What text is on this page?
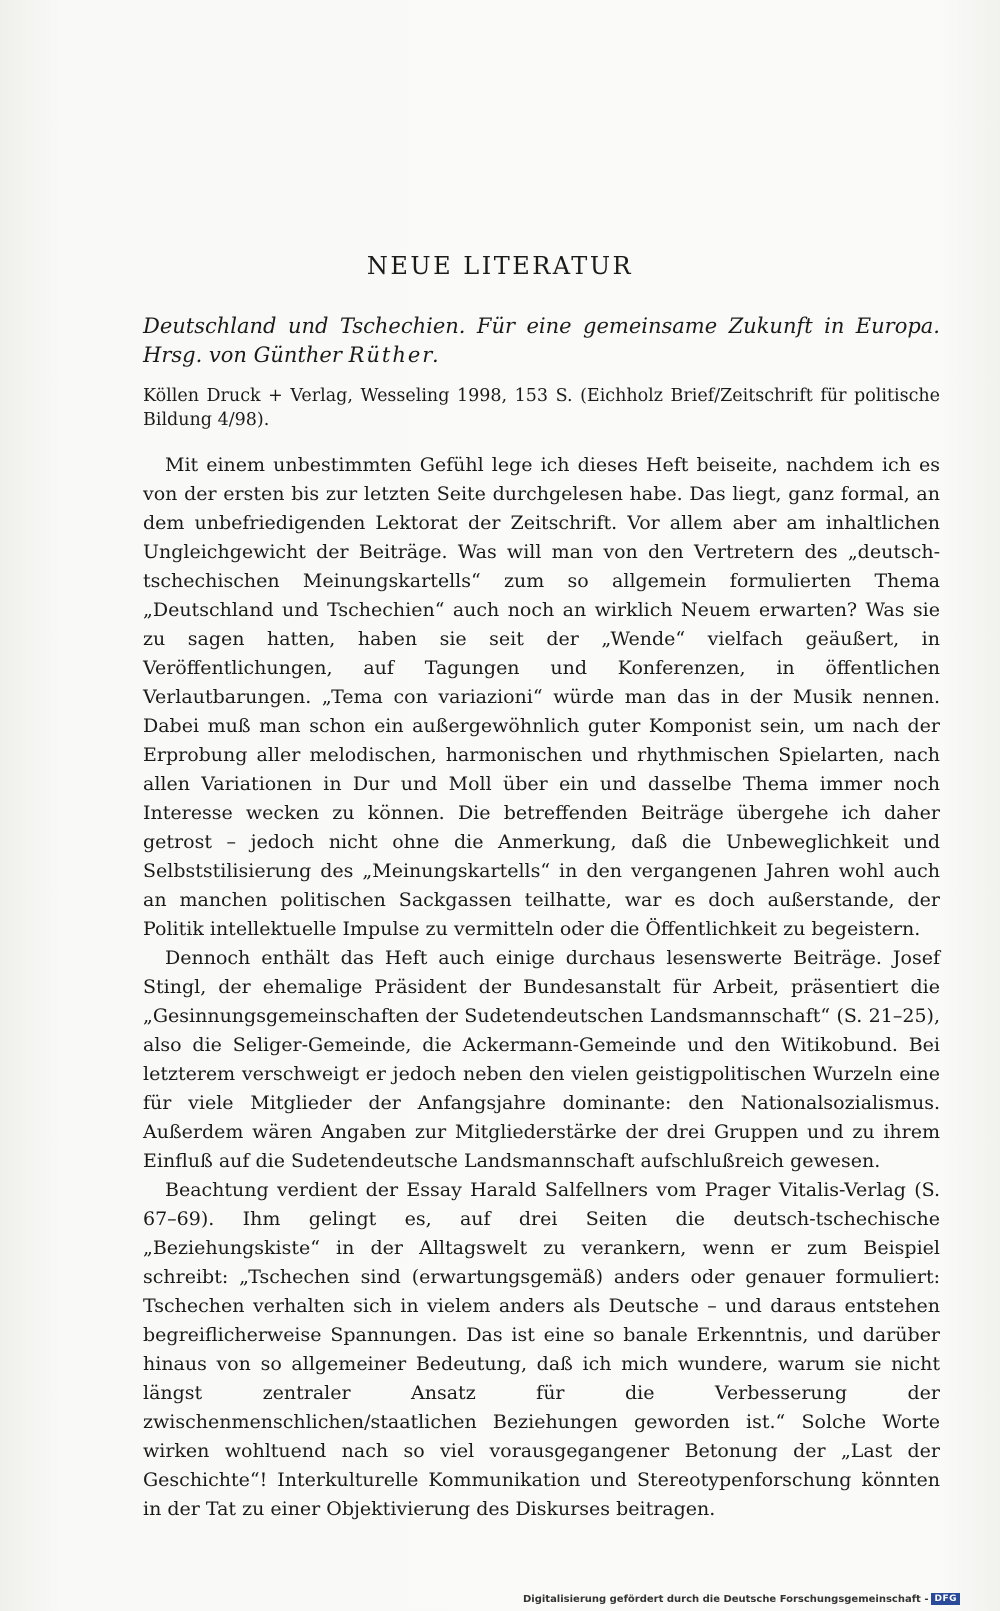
NEUE LITERATUR
Deutschland und Tschechien. Für eine gemeinsame Zukunft in Europa. Hrsg. von Günther Rüther.
Köllen Druck + Verlag, Wesseling 1998, 153 S. (Eichholz Brief/Zeitschrift für politische Bildung 4/98).

Mit einem unbestimmten Gefühl lege ich dieses Heft beiseite, nachdem ich es von der ersten bis zur letzten Seite durchgelesen habe. Das liegt, ganz formal, an dem unbefriedigenden Lektorat der Zeitschrift. Vor allem aber am inhaltlichen Ungleichgewicht der Beiträge. Was will man von den Vertretern des „deutsch-tschechischen Meinungskartells“ zum so allgemein formulierten Thema „Deutschland und Tschechien“ auch noch an wirklich Neuem erwarten? Was sie zu sagen hatten, haben sie seit der „Wende“ vielfach geäußert, in Veröffentlichungen, auf Tagungen und Konferenzen, in öffentlichen Verlautbarungen. „Tema con variazioni“ würde man das in der Musik nennen. Dabei muß man schon ein außergewöhnlich guter Komponist sein, um nach der Erprobung aller melodischen, harmonischen und rhythmischen Spielarten, nach allen Variationen in Dur und Moll über ein und dasselbe Thema immer noch Interesse wecken zu können. Die betreffenden Beiträge übergehe ich daher getrost – jedoch nicht ohne die Anmerkung, daß die Unbeweglichkeit und Selbststilisierung des „Meinungskartells“ in den vergangenen Jahren wohl auch an manchen politischen Sackgassen teilhatte, war es doch außerstande, der Politik intellektuelle Impulse zu vermitteln oder die Öffentlichkeit zu begeistern.

Dennoch enthält das Heft auch einige durchaus lesenswerte Beiträge. Josef Stingl, der ehemalige Präsident der Bundesanstalt für Arbeit, präsentiert die „Gesinnungsgemeinschaften der Sudetendeutschen Landsmannschaft“ (S. 21–25), also die Seliger-Gemeinde, die Ackermann-Gemeinde und den Witikobund. Bei letzterem verschweigt er jedoch neben den vielen geistigpolitischen Wurzeln eine für viele Mitglieder der Anfangsjahre dominante: den Nationalsozialismus. Außerdem wären Angaben zur Mitgliederstärke der drei Gruppen und zu ihrem Einfluß auf die Sudetendeutsche Landsmannschaft aufschlußreich gewesen.

Beachtung verdient der Essay Harald Salfellners vom Prager Vitalis-Verlag (S. 67–69). Ihm gelingt es, auf drei Seiten die deutsch-tschechische „Beziehungskiste“ in der Alltagswelt zu verankern, wenn er zum Beispiel schreibt: „Tschechen sind (erwartungsgemäß) anders oder genauer formuliert: Tschechen verhalten sich in vielem anders als Deutsche – und daraus entstehen begreiflicherweise Spannungen. Das ist eine so banale Erkenntnis, und darüber hinaus von so allgemeiner Bedeutung, daß ich mich wundere, warum sie nicht längst zentraler Ansatz für die Verbesserung der zwischenmenschlichen/staatlichen Beziehungen geworden ist.“ Solche Worte wirken wohltuend nach so viel vorausgegangener Betonung der „Last der Geschichte“! Interkulturelle Kommunikation und Stereotypenforschung könnten in der Tat zu einer Objektivierung des Diskurses beitragen.

Digitalisierung gefördert durch die Deutsche Forschungsgemeinschaft - DFG
